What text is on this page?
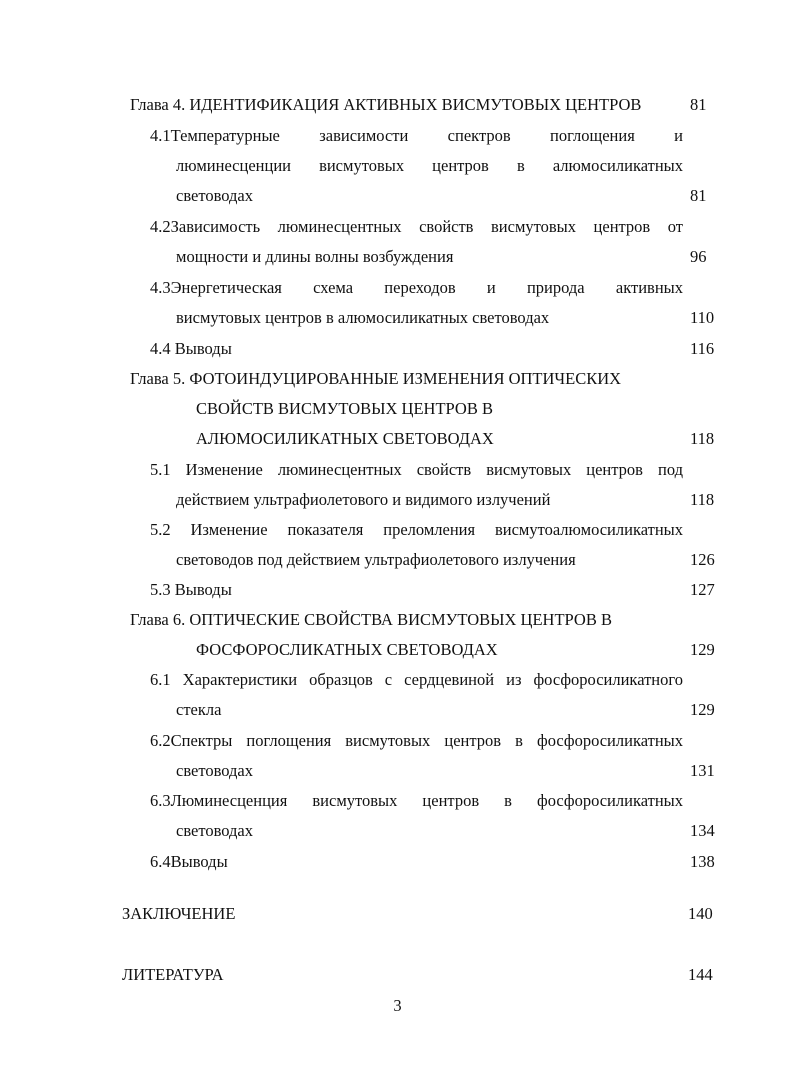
Глава 4. ИДЕНТИФИКАЦИЯ АКТИВНЫХ ВИСМУТОВЫХ ЦЕНТРОВ	81
4.1Температурные зависимости спектров поглощения и
люминесценции висмутовых центров в алюмосиликатных
световодах	81
4.2Зависимость люминесцентных свойств висмутовых центров от
мощности и длины волны возбуждения	96
4.3Энергетическая схема переходов и природа активных
висмутовых центров в алюмосиликатных световодах	110
4.4 Выводы	116
Глава 5. ФОТОИНДУЦИРОВАННЫЕ ИЗМЕНЕНИЯ ОПТИЧЕСКИХ
СВОЙСТВ ВИСМУТОВЫХ ЦЕНТРОВ В
АЛЮМОСИЛИКАТНЫХ СВЕТОВОДАХ	118
5.1 Изменение люминесцентных свойств висмутовых центров под
действием ультрафиолетового и видимого излучений	118
5.2 Изменение показателя преломления висмутоалюмосиликатных
световодов под действием ультрафиолетового излучения	126
5.3 Выводы	127
Глава 6. ОПТИЧЕСКИЕ СВОЙСТВА ВИСМУТОВЫХ ЦЕНТРОВ В
ФОСФОРОСЛИКАТНЫХ СВЕТОВОДАХ	129
6.1 Характеристики образцов с сердцевиной из фосфоросиликатного
стекла	129
6.2Спектры поглощения висмутовых центров в фосфоросиликатных
световодах	131
6.3Люминесценция висмутовых центров в фосфоросиликатных
световодах	134
6.4Выводы	138
ЗАКЛЮЧЕНИЕ	140
ЛИТЕРАТУРА	144
3
